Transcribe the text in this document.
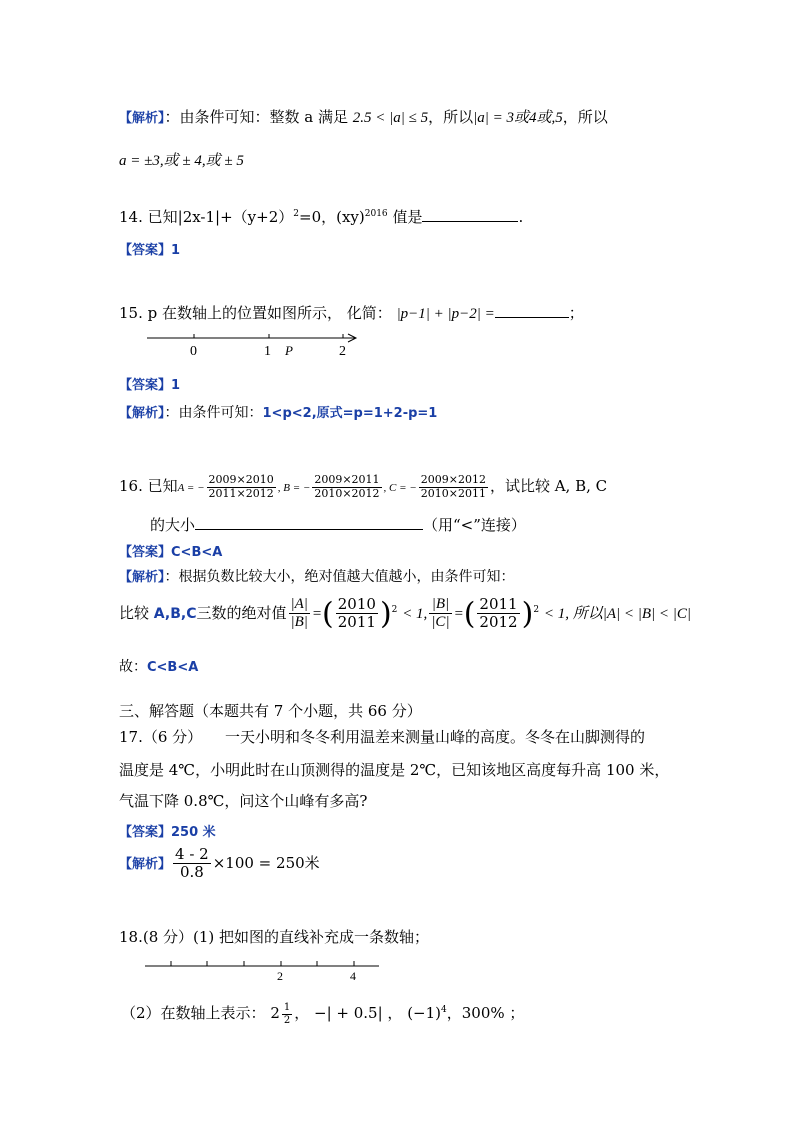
【解析】：由条件可知：整数 a 满足 2.5 < |a| ≤ 5，所以|a| = 3或4或,5，所以
a = ±3,或 ± 4,或 ± 5
14. 已知$|2x-1|+(y+2)^2=0$，(xy)$^{2016}$ 值是	.
【答案】1
15. p 在数轴上的位置如图所示， 化简： |p−1| + |p−2| =	；
0	1 P	2
【答案】1
【解析】：由条件可知：1<p<2,原式=p=1+2-p=1
16. 已知A = − $\frac{2009\times 2010}{2011\times 2012}$ , B = − $\frac{2009\times 2011}{2010\times 2012}$ , C = − $\frac{2009\times 2012}{2010\times 2011}$ ，试比较 A, B, C
的大小	（用“<”连接）
【答案】C<B<A
【解析】：根据负数比较大小，绝对值越大值越小，由条件可知：
比较 A,B,C三数的绝对值 $\frac{|A|}{|B|}$ =( $\frac{2010}{2011} )^2 < 1$, $\frac{|B|}{|C|}$ =( $\frac{2011}{2012} )^2 < 1$, 所以|A| < |B| < |C|
故：C<B<A
三、解答题（本题共有 7 个小题，共 66 分）
17.（6 分） 一天小明和冬冬利用温差来测量山峰的高度。冬冬在山脚测得的
温度是 4℃，小明此时在山顶测得的温度是 2℃，已知该地区高度每升高 100 米，
气温下降 0.8℃，问这个山峰有多高?
【答案】250 米
【解析】 $\frac{4 - 2}{0.8} \times 100 = 250$米
18.(8 分）(1) 把如图的直线补充成一条数轴；
2	4
（2）在数轴上表示： $2 \frac{1}{2}$ ， −| + 0.5| ， $(-1)^4$，300% ；
